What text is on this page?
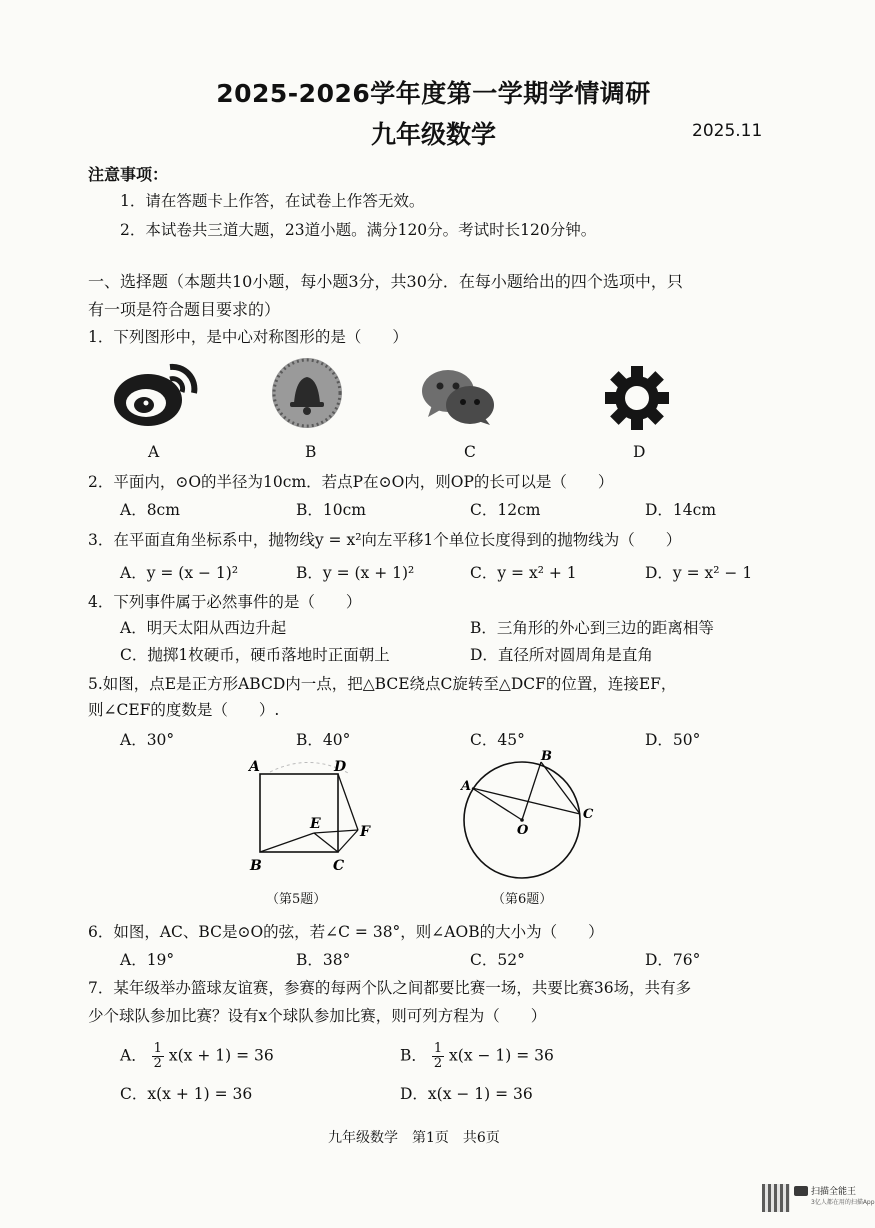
2025-2026学年度第一学期学情调研
九年级数学	2025.11
注意事项：
1．请在答题卡上作答，在试卷上作答无效。
2．本试卷共三道大题，23道小题。满分120分。考试时长120分钟。
一、选择题（本题共10小题，每小题3分，共30分．在每小题给出的四个选项中，只
有一项是符合题目要求的）
1．下列图形中，是中心对称图形的是（　　）
A	B	C	D
2．平面内，⊙O的半径为10cm．若点P在⊙O内，则OP的长可以是（　　）
A．8cm	B．10cm	C．12cm	D．14cm
3．在平面直角坐标系中，抛物线y = x²向左平移1个单位长度得到的抛物线为（　　）
A．y = (x − 1)²	B．y = (x + 1)²	C．y = x² + 1	D．y = x² − 1
4．下列事件属于必然事件的是（　　）
A．明天太阳从西边升起	B．三角形的外心到三边的距离相等
C．抛掷1枚硬币，硬币落地时正面朝上	D．直径所对圆周角是直角
5.如图，点E是正方形ABCD内一点，把△BCE绕点C旋转至△DCF的位置，连接EF，
则∠CEF的度数是（　　）.
A．30°	B．40°	C．45°	D．50°
A	D
E	F
B	C
（第5题）
A
B
C
O
（第6题）
6．如图，AC、BC是⊙O的弦，若∠C = 38°，则∠AOB的大小为（　　）
A．19°	B．38°	C．52°	D．76°
7．某年级举办篮球友谊赛，参赛的每两个队之间都要比赛一场，共要比赛36场，共有多
少个球队参加比赛？设有x个球队参加比赛，则可列方程为（　　）
A． $\frac{1}{2} x(x + 1) = 36$	B． $\frac{1}{2} x(x - 1) = 36$
C．x(x + 1) = 36	D．x(x − 1) = 36
九年级数学　第1页　共6页
扫描全能王
3亿人都在用的扫描App
